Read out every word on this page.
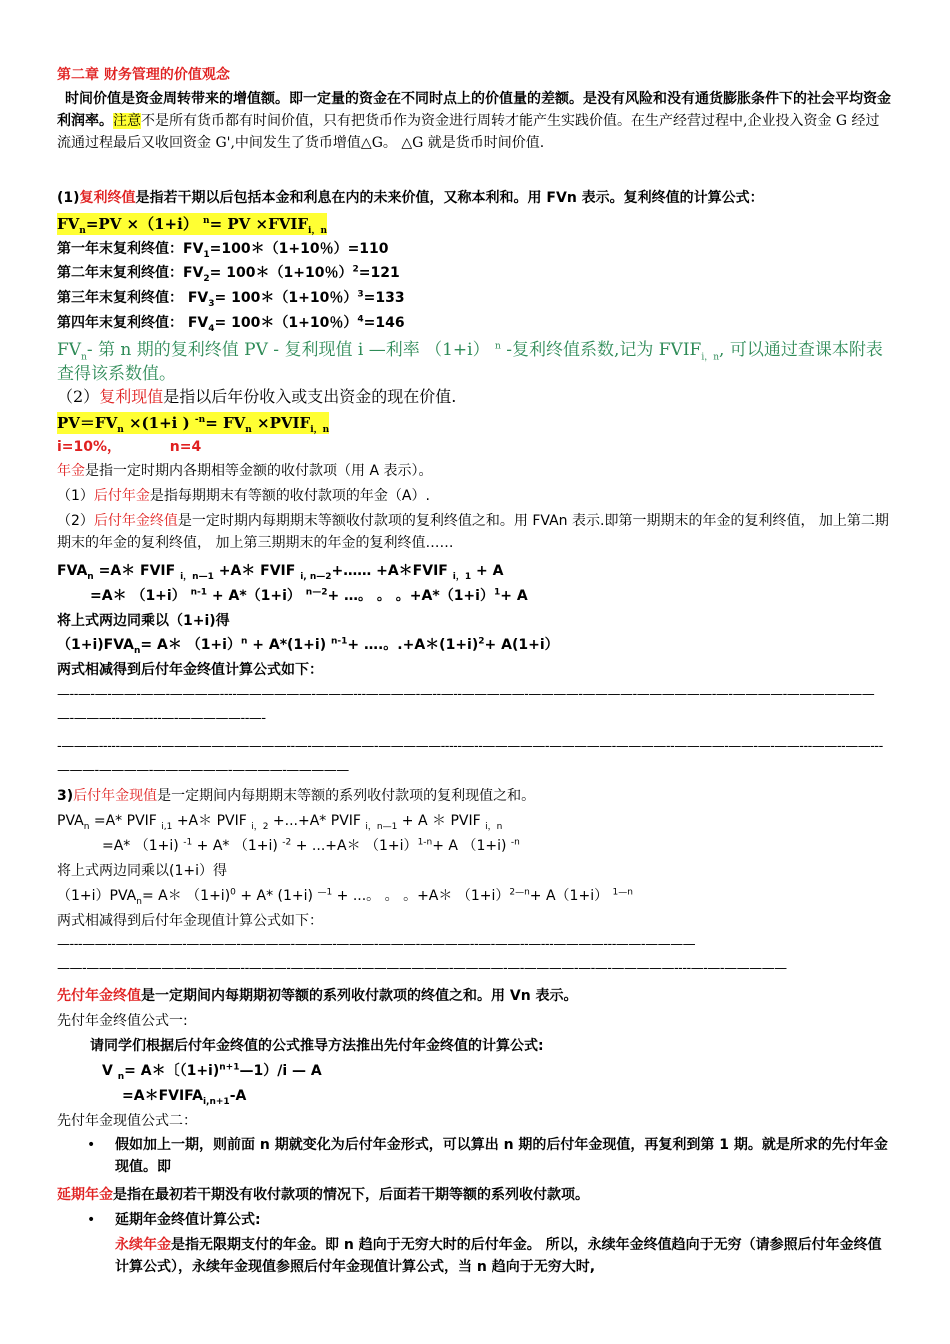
第二章 财务管理的价值观念
时间价值是资金周转带来的增值额。即一定量的资金在不同时点上的价值量的差额。是没有风险和没有通货膨胀条件下的社会平均资金利润率。注意不是所有货币都有时间价值，只有把货币作为资金进行周转才能产生实践价值。在生产经营过程中,企业投入资金 G 经过流通过程最后又收回资金 G',中间发生了货币增值△G。 △G 就是货币时间价值.
(1)复利终值是指若干期以后包括本金和利息在内的未来价值，又称本利和。用 FVn 表示。复利终值的计算公式：
$FV_n=PV \times(1+i)$ $^n$= PV $\times FVIF_{i,n}$
第一年末复利终值：$FV_1=100*(1+10$％）=110
第二年末复利终值：$FV_2=$ 100＊（1+10％）$^2$=121
第三年末复利终值： $FV_3=$ 100＊（1+10％）$^3$=133
第四年末复利终值： $FV_4=$ 100＊（1+10％）$^4$=146
$FV_n-$ 第 n 期的复利终值 PV - 复利现值 i —利率 （1+i） $^n$ -复利终值系数,记为 $FVIF_{i,n}$, 可以通过查课本附表查得该系数值。
（2）复利现值是指以后年份收入或支出资金的现在价值.
$PV=FV_n \times(1+i$ ) $^{-n}= FV_n$ $\times PVIF_{i,n}$
i=10%，          n=4
年金是指一定时期内各期相等金额的收付款项（用 A 表示）。
（1）后付年金是指每期期末有等额的收付款项的年金（A）.
（2）后付年金终值是一定时期内每期期末等额收付款项的复利终值之和。用 FVAn 表示.即第一期期末的年金的复利终值， 加上第二期期末的年金的复利终值， 加上第三期期末的年金的复利终值……
$FVA_n$ =A＊ FVIF $_{i,n—1}$ +A＊ FVIF $_{i, n—2}$+…… +A＊FVIF $_{i,1}$ + A
=A＊ （1+i） $^{n-1}$ + A*（1+i） $^{n—2}$+ …。 。 。$+A*(1+i)^1+ A$
将上式两边同乘以（1+i)得
$(1+i)FVA_n=$ A＊ $(1+i)^n + A*(1+i)$ $^{n-1}$+ ….。$.+A*(1+i)^2+ A(1+i)$
两式相减得到后付年金终值计算公式如下：
—--—-—-——-——-————----——————-———---————-—--—--—————-————-————-——————-—-————-———————
—-———--——----—-—————--—-
-———-----———-——————————--—-—————-—————-----—--—————-—————-————--————-——-—-——---——--——---
———-————-——————-————-—————
3)后付年金现值是一定期间内每期期末等额的系列收付款项的复利现值之和。
$PVA_n =A*$ PVIF $_{i,1}$ +A＊ PVIF $_{i,2}$ +...+A* PVIF $_{i,n—1}$ + A ＊ PVIF $_{i,n}$
=A* （1+i) $^{-1}$ + A* （1+i) $^{-2}$ + ...+A＊ $(1+i)^{1-n}+ A$ （1+i) $^{-n}$
将上式两边同乘以(1+i）得
$(1+i)PVA_n=$ A＊ （1+i)$^0$ + A* (1+i) $^{—1}$ + ...。 。 。+A＊ $(1+i)^{2—n}+ A(1+i)$ $^{1—n}$
两式相减得到后付年金现值计算公式如下：
—---——--—-————-————-————-———-———-———-————--—-——--—---————---——-————
——-————————-————--———-——-———-———————-————-—-————-—-—-—————----—-—-—————
先付年金终值是一定期间内每期期初等额的系列收付款项的终值之和。用 Vn 表示。
先付年金终值公式一:
请同学们根据后付年金终值的公式推导方法推出先付年金终值的计算公式:
V $_n$= A＊〔（1+i)$^{n+1}$—1）/i — A
$=A*FVIFA_{i,n+1}-A$
先付年金现值公式二：
• 假如加上一期，则前面 n 期就变化为后付年金形式，可以算出 n 期的后付年金现值，再复利到第 1 期。就是所求的先付年金现值。即
延期年金是指在最初若干期没有收付款项的情况下，后面若干期等额的系列收付款项。
• 延期年金终值计算公式:
永续年金是指无限期支付的年金。即 n 趋向于无穷大时的后付年金。 所以，永续年金终值趋向于无穷（请参照后付年金终值计算公式），永续年金现值参照后付年金现值计算公式，当 n 趋向于无穷大时,
